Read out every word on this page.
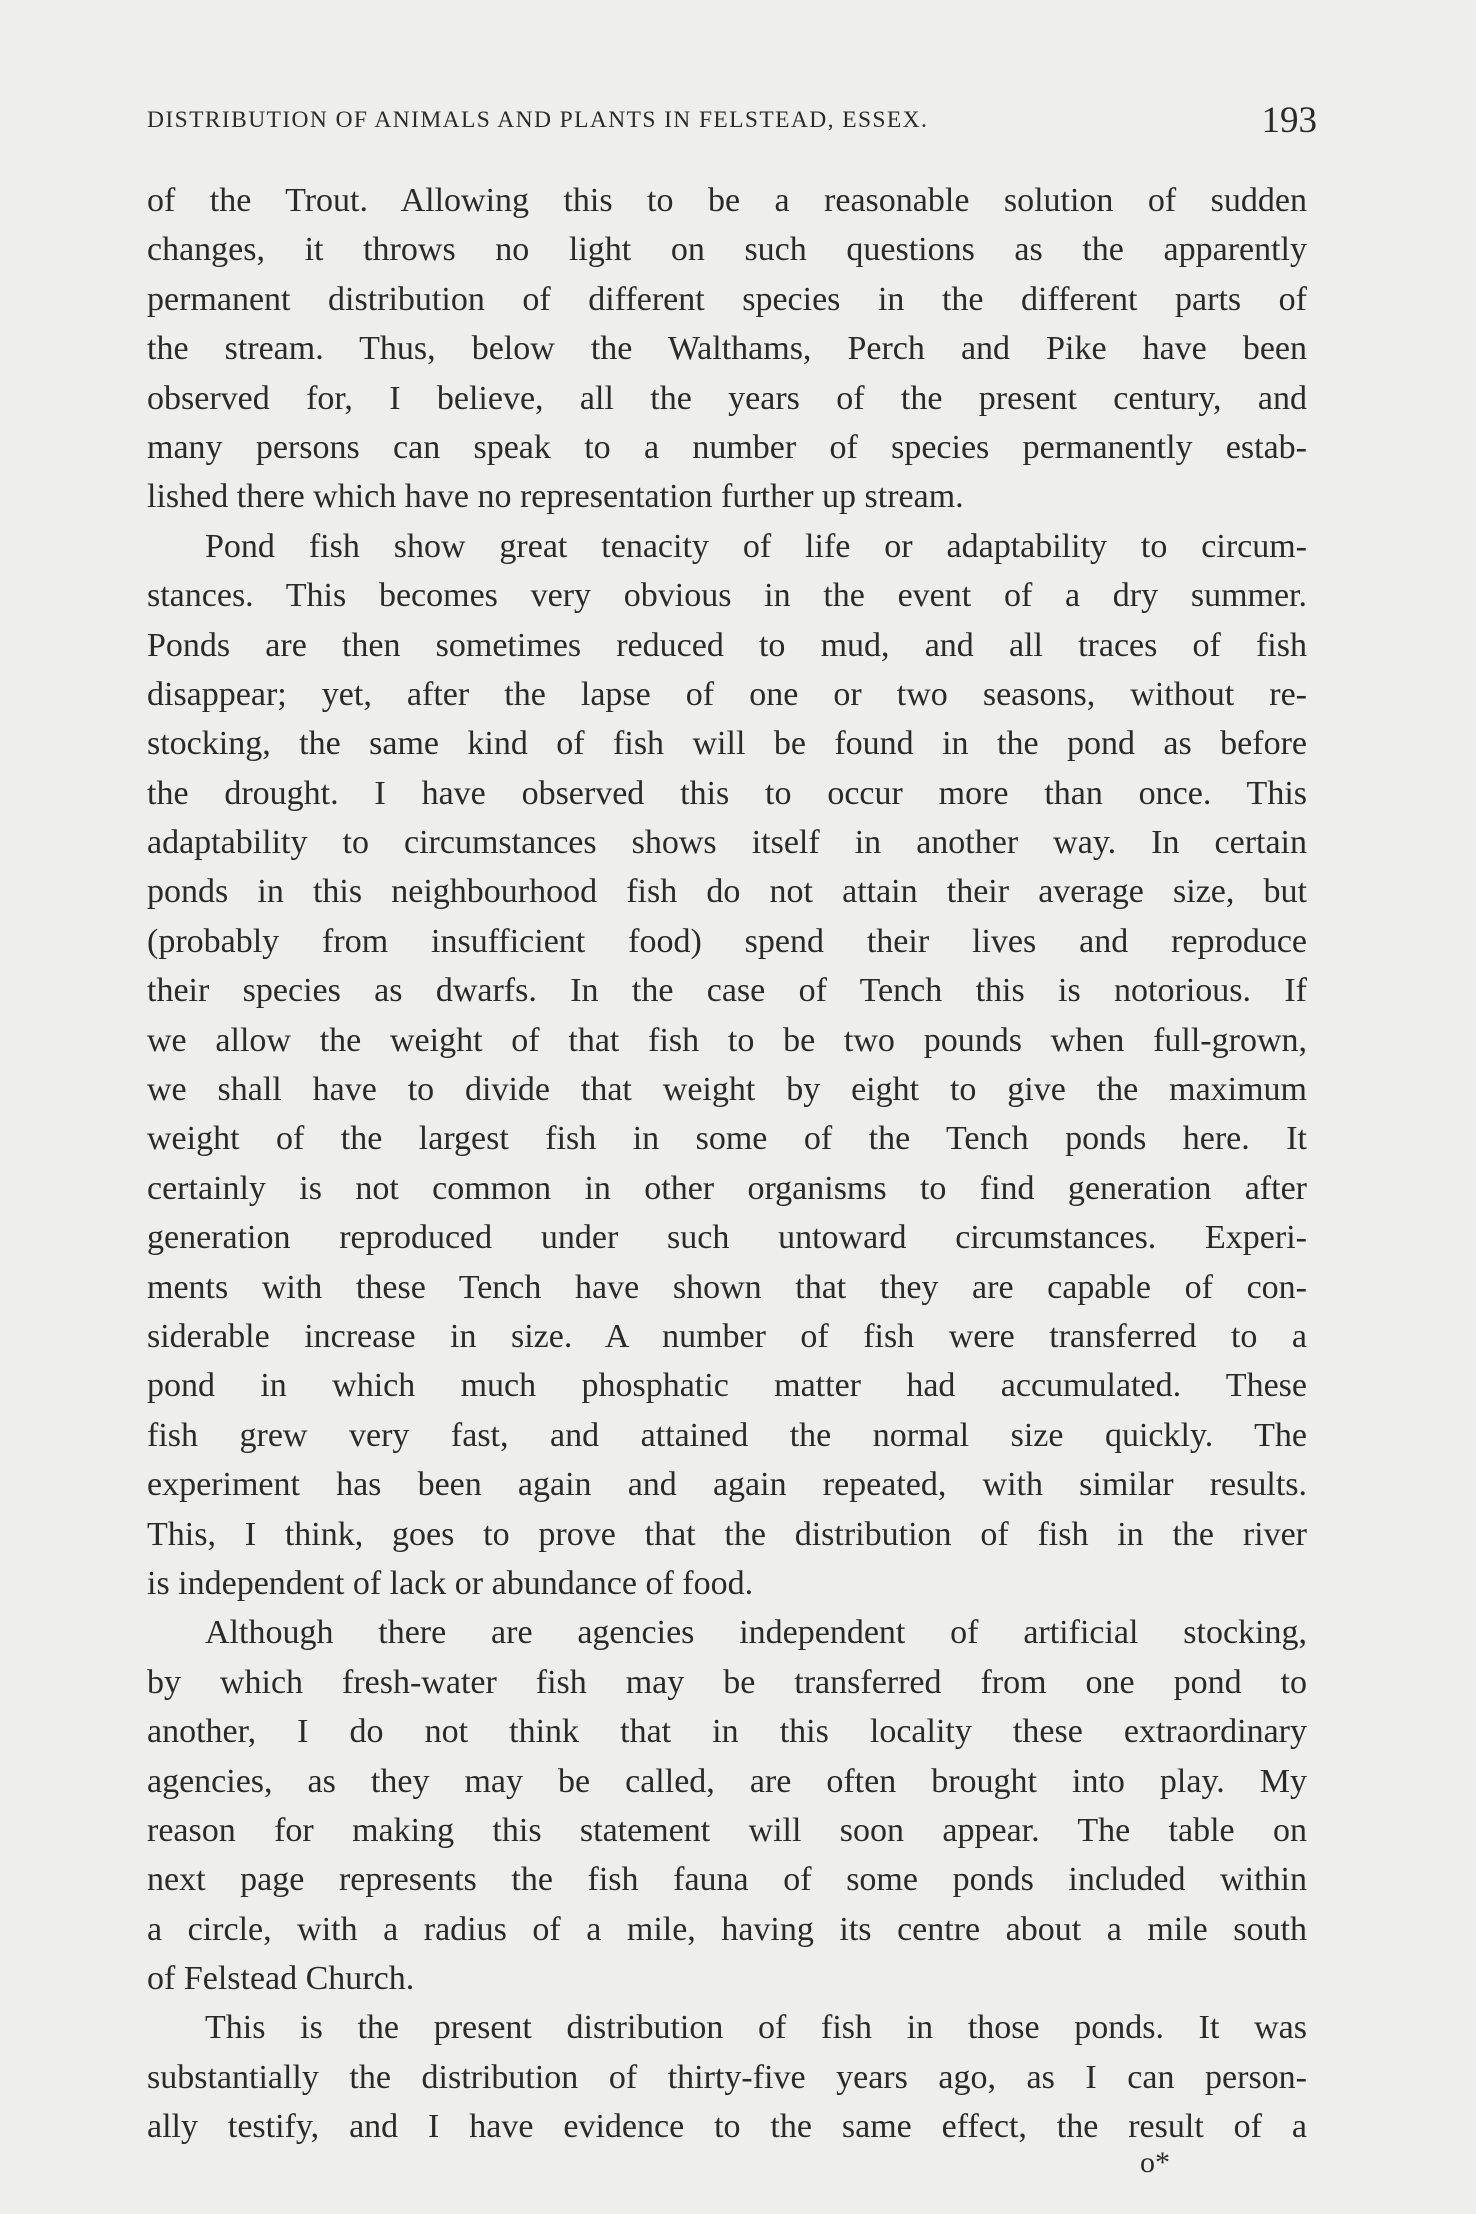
DISTRIBUTION OF ANIMALS AND PLANTS IN FELSTEAD, ESSEX.	193
of the Trout. Allowing this to be a reasonable solution of sudden
changes, it throws no light on such questions as the apparently
permanent distribution of different species in the different parts of
the stream. Thus, below the Walthams, Perch and Pike have been
observed for, I believe, all the years of the present century, and
many persons can speak to a number of species permanently estab-
lished there which have no representation further up stream.
Pond fish show great tenacity of life or adaptability to circum-
stances. This becomes very obvious in the event of a dry summer.
Ponds are then sometimes reduced to mud, and all traces of fish
disappear; yet, after the lapse of one or two seasons, without re-
stocking, the same kind of fish will be found in the pond as before
the drought. I have observed this to occur more than once. This
adaptability to circumstances shows itself in another way. In certain
ponds in this neighbourhood fish do not attain their average size, but
(probably from insufficient food) spend their lives and reproduce
their species as dwarfs. In the case of Tench this is notorious. If
we allow the weight of that fish to be two pounds when full-grown,
we shall have to divide that weight by eight to give the maximum
weight of the largest fish in some of the Tench ponds here. It
certainly is not common in other organisms to find generation after
generation reproduced under such untoward circumstances. Experi-
ments with these Tench have shown that they are capable of con-
siderable increase in size. A number of fish were transferred to a
pond in which much phosphatic matter had accumulated. These
fish grew very fast, and attained the normal size quickly. The
experiment has been again and again repeated, with similar results.
This, I think, goes to prove that the distribution of fish in the river
is independent of lack or abundance of food.
Although there are agencies independent of artificial stocking,
by which fresh-water fish may be transferred from one pond to
another, I do not think that in this locality these extraordinary
agencies, as they may be called, are often brought into play. My
reason for making this statement will soon appear. The table on
next page represents the fish fauna of some ponds included within
a circle, with a radius of a mile, having its centre about a mile south
of Felstead Church.
This is the present distribution of fish in those ponds. It was
substantially the distribution of thirty-five years ago, as I can person-
ally testify, and I have evidence to the same effect, the result of a
o*
